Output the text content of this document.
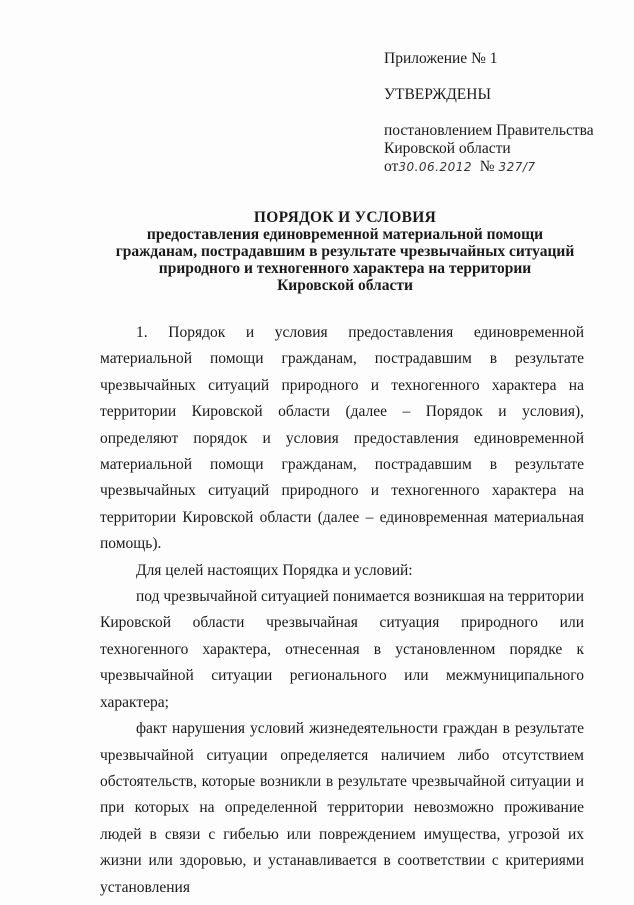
Приложение № 1
УТВЕРЖДЕНЫ
постановлением Правительства
Кировской области
от30.06.2012 № 327/7
ПОРЯДОК И УСЛОВИЯ
предоставления единовременной материальной помощи
гражданам, пострадавшим в результате чрезвычайных ситуаций
природного и техногенного характера на территории
Кировской области

1. Порядок и условия предоставления единовременной материальной помощи гражданам, пострадавшим в результате чрезвычайных ситуаций природного и техногенного характера на территории Кировской области (далее – Порядок и условия), определяют порядок и условия предоставления единовременной материальной помощи гражданам, пострадавшим в результате чрезвычайных ситуаций природного и техногенного характера на территории Кировской области (далее – единовременная материальная помощь).

Для целей настоящих Порядка и условий:

под чрезвычайной ситуацией понимается возникшая на территории Кировской области чрезвычайная ситуация природного или техногенного характера, отнесенная в установленном порядке к чрезвычайной ситуации регионального или межмуниципального характера;

факт нарушения условий жизнедеятельности граждан в результате чрезвычайной ситуации определяется наличием либо отсутствием обстоятельств, которые возникли в результате чрезвычайной ситуации и при которых на определенной территории невозможно проживание людей в связи с гибелью или повреждением имущества, угрозой их жизни или здоровью, и устанавливается в соответствии с критериями установления
